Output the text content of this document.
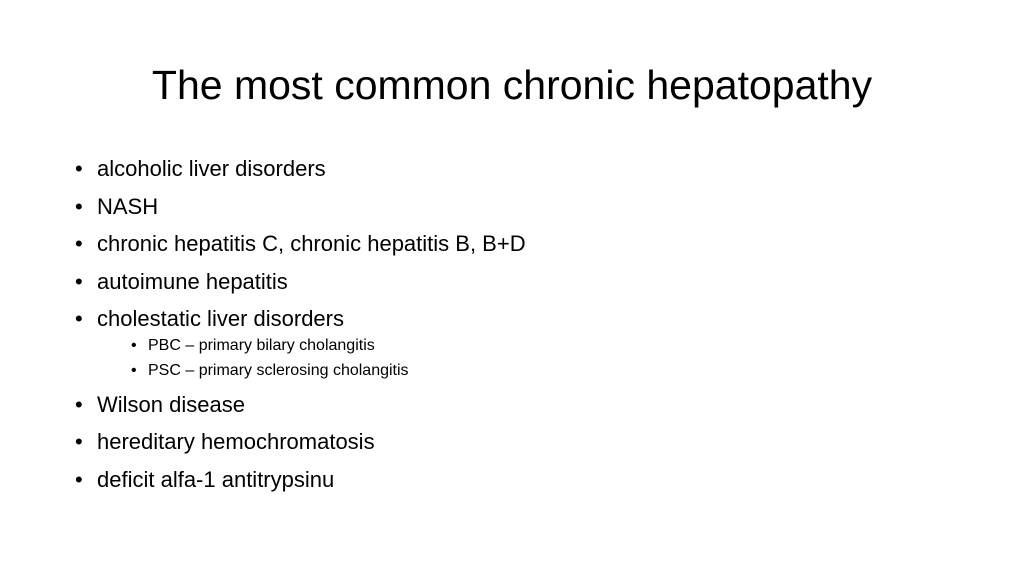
The most common chronic hepatopathy
• alcoholic liver disorders
• NASH
• chronic hepatitis C, chronic hepatitis B, B+D
• autoimune hepatitis
• cholestatic liver disorders
• PBC – primary bilary cholangitis
• PSC – primary sclerosing cholangitis
• Wilson disease
• hereditary hemochromatosis
• deficit alfa-1 antitrypsinu
